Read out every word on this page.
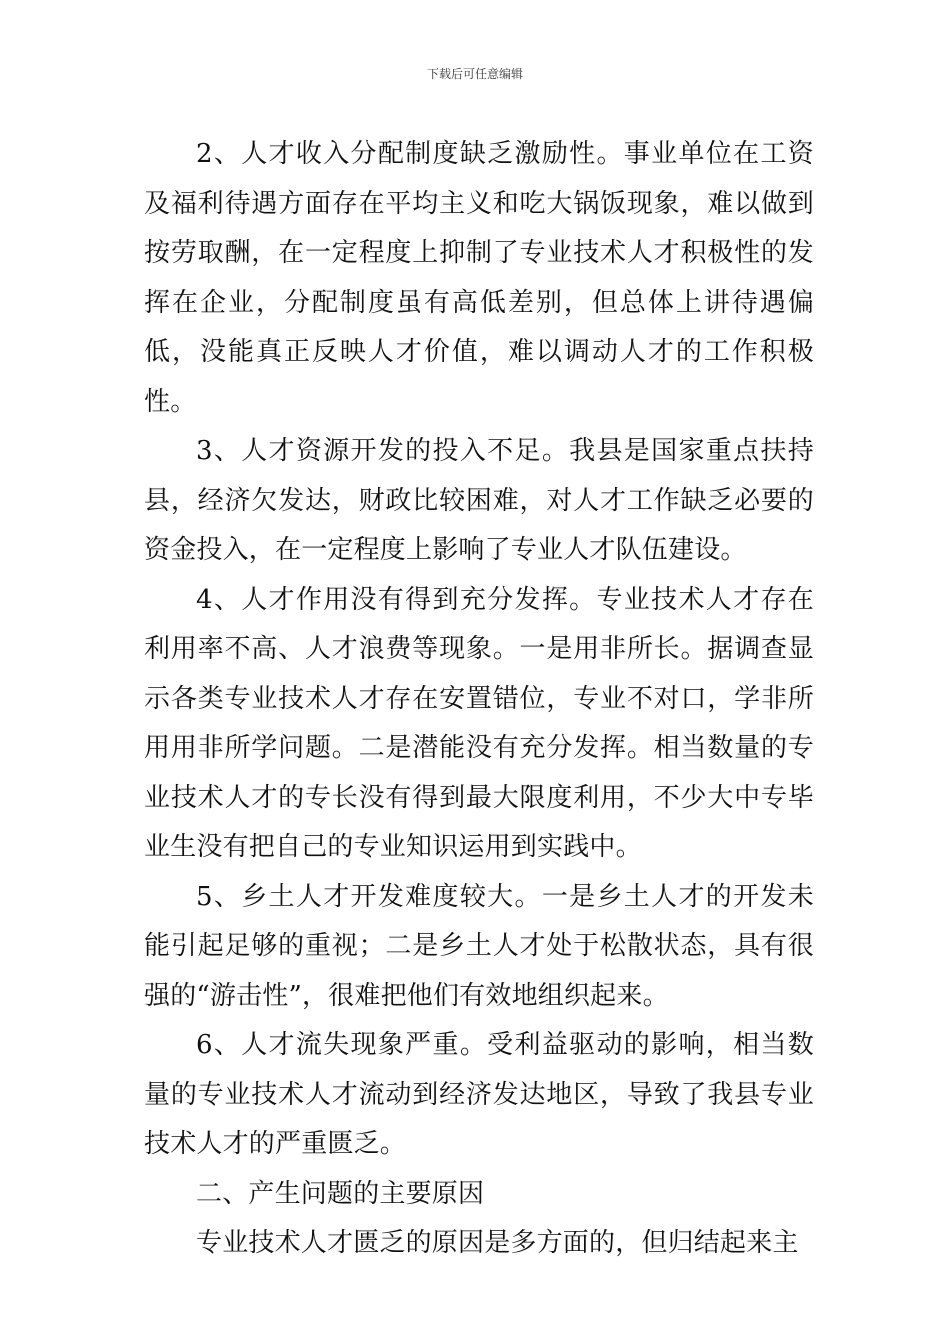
下载后可任意编辑

2、人才收入分配制度缺乏激励性。事业单位在工资及福利待遇方面存在平均主义和吃大锅饭现象，难以做到按劳取酬，在一定程度上抑制了专业技术人才积极性的发挥在企业，分配制度虽有高低差别，但总体上讲待遇偏低，没能真正反映人才价值，难以调动人才的工作积极性。

3、人才资源开发的投入不足。我县是国家重点扶持县，经济欠发达，财政比较困难，对人才工作缺乏必要的资金投入，在一定程度上影响了专业人才队伍建设。

4、人才作用没有得到充分发挥。专业技术人才存在利用率不高、人才浪费等现象。一是用非所长。据调查显示各类专业技术人才存在安置错位，专业不对口，学非所用用非所学问题。二是潜能没有充分发挥。相当数量的专业技术人才的专长没有得到最大限度利用，不少大中专毕业生没有把自己的专业知识运用到实践中。

5、乡土人才开发难度较大。一是乡土人才的开发未能引起足够的重视；二是乡土人才处于松散状态，具有很强的“游击性”，很难把他们有效地组织起来。

6、人才流失现象严重。受利益驱动的影响，相当数量的专业技术人才流动到经济发达地区，导致了我县专业技术人才的严重匮乏。

二、产生问题的主要原因

专业技术人才匮乏的原因是多方面的，但归结起来主
